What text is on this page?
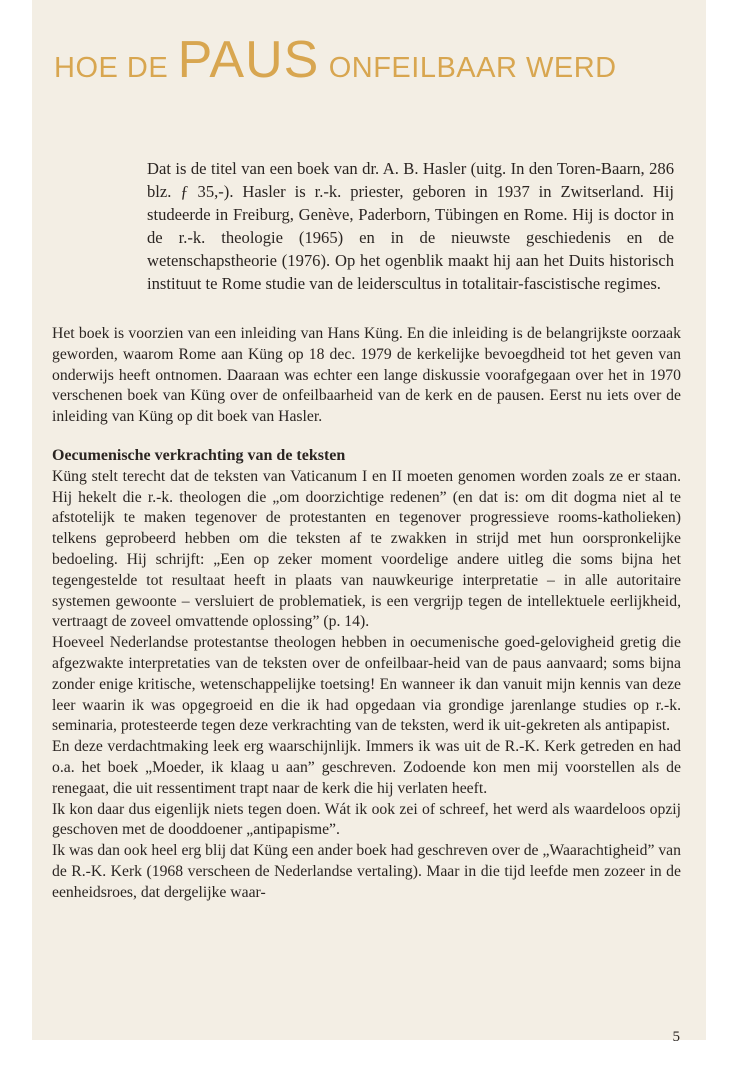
HOE DE PAUS ONFEILBAAR WERD

Dat is de titel van een boek van dr. A. B. Hasler (uitg. In den Toren-Baarn, 286 blz. ƒ 35,-). Hasler is r.-k. priester, geboren in 1937 in Zwitserland. Hij studeerde in Freiburg, Genève, Paderborn, Tübingen en Rome. Hij is doctor in de r.-k. theologie (1965) en in de nieuwste geschiedenis en de wetenschapstheorie (1976). Op het ogenblik maakt hij aan het Duits historisch instituut te Rome studie van de leiderscultus in totalitair-fascistische regimes.

Het boek is voorzien van een inleiding van Hans Küng. En die inleiding is de belangrijkste oorzaak geworden, waarom Rome aan Küng op 18 dec. 1979 de kerkelijke bevoegdheid tot het geven van onderwijs heeft ontnomen. Daaraan was echter een lange diskussie voorafgegaan over het in 1970 verschenen boek van Küng over de onfeilbaarheid van de kerk en de pausen. Eerst nu iets over de inleiding van Küng op dit boek van Hasler.

Oecumenische verkrachting van de teksten

Küng stelt terecht dat de teksten van Vaticanum I en II moeten genomen worden zoals ze er staan. Hij hekelt die r.-k. theologen die „om doorzichtige redenen” (en dat is: om dit dogma niet al te afstotelijk te maken tegenover de protestanten en tegenover progressieve rooms-katholieken) telkens geprobeerd hebben om die teksten af te zwakken in strijd met hun oorspronkelijke bedoeling. Hij schrijft: „Een op zeker moment voordelige andere uitleg die soms bijna het tegengestelde tot resultaat heeft in plaats van nauwkeurige interpretatie – in alle autoritaire systemen gewoonte – versluiert de problematiek, is een vergrijp tegen de intellektuele eerlijkheid, vertraagt de zoveel omvattende oplossing” (p. 14).

Hoeveel Nederlandse protestantse theologen hebben in oecumenische goed-gelovigheid gretig die afgezwakte interpretaties van de teksten over de onfeilbaar-heid van de paus aanvaard; soms bijna zonder enige kritische, wetenschappelijke toetsing! En wanneer ik dan vanuit mijn kennis van deze leer waarin ik was opgegroeid en die ik had opgedaan via grondige jarenlange studies op r.-k. seminaria, protesteerde tegen deze verkrachting van de teksten, werd ik uit-gekreten als antipapist.

En deze verdachtmaking leek erg waarschijnlijk. Immers ik was uit de R.-K. Kerk getreden en had o.a. het boek „Moeder, ik klaag u aan” geschreven. Zodoende kon men mij voorstellen als de renegaat, die uit ressentiment trapt naar de kerk die hij verlaten heeft.

Ik kon daar dus eigenlijk niets tegen doen. Wát ik ook zei of schreef, het werd als waardeloos opzij geschoven met de dooddoener „antipapisme”.

Ik was dan ook heel erg blij dat Küng een ander boek had geschreven over de „Waarachtigheid” van de R.-K. Kerk (1968 verscheen de Nederlandse vertaling). Maar in die tijd leefde men zozeer in de eenheidsroes, dat dergelijke waar-

5
